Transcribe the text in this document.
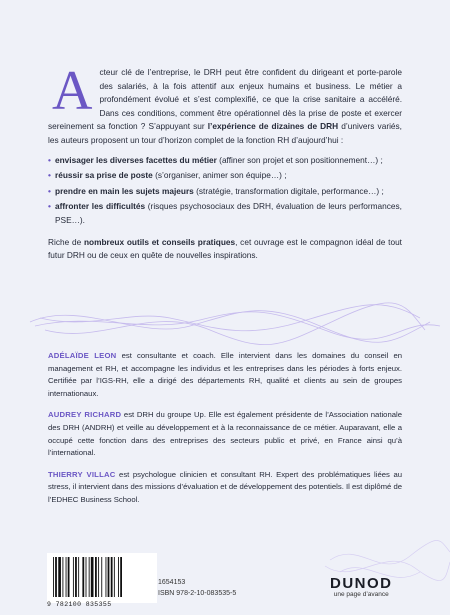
Acteur clé de l’entreprise, le DRH peut être confident du dirigeant et porte-parole des salariés, à la fois attentif aux enjeux humains et business. Le métier a profondément évolué et s’est complexifié, ce que la crise sanitaire a accéléré. Dans ces conditions, comment être opérationnel dès la prise de poste et exercer sereinement sa fonction ? S’appuyant sur l’expérience de dizaines de DRH d’univers variés, les auteurs proposent un tour d’horizon complet de la fonction RH d’aujourd’hui :

• envisager les diverses facettes du métier (affiner son projet et son positionnement…) ;
• réussir sa prise de poste (s’organiser, animer son équipe…) ;
• prendre en main les sujets majeurs (stratégie, transformation digitale, performance…) ;
• affronter les difficultés (risques psychosociaux des DRH, évaluation de leurs performances, PSE…).

Riche de nombreux outils et conseils pratiques, cet ouvrage est le compagnon idéal de tout futur DRH ou de ceux en quête de nouvelles inspirations.

ADÉLAÏDE LEON est consultante et coach. Elle intervient dans les domaines du conseil en management et RH, et accompagne les individus et les entreprises dans les périodes à forts enjeux. Certifiée par l’IGS-RH, elle a dirigé des départements RH, qualité et clients au sein de groupes internationaux.

AUDREY RICHARD est DRH du groupe Up. Elle est également présidente de l’Association nationale des DRH (ANDRH) et veille au développement et à la reconnaissance de ce métier. Auparavant, elle a occupé cette fonction dans des entreprises des secteurs public et privé, en France ainsi qu’à l’international.

THIERRY VILLAC est psychologue clinicien et consultant RH. Expert des problématiques liées au stress, il intervient dans des missions d’évaluation et de développement des potentiels. Il est diplômé de l’EDHEC Business School.

9 782100 835355
1654153
ISBN 978-2-10-083535-5
DUNOD
une page d’avance
